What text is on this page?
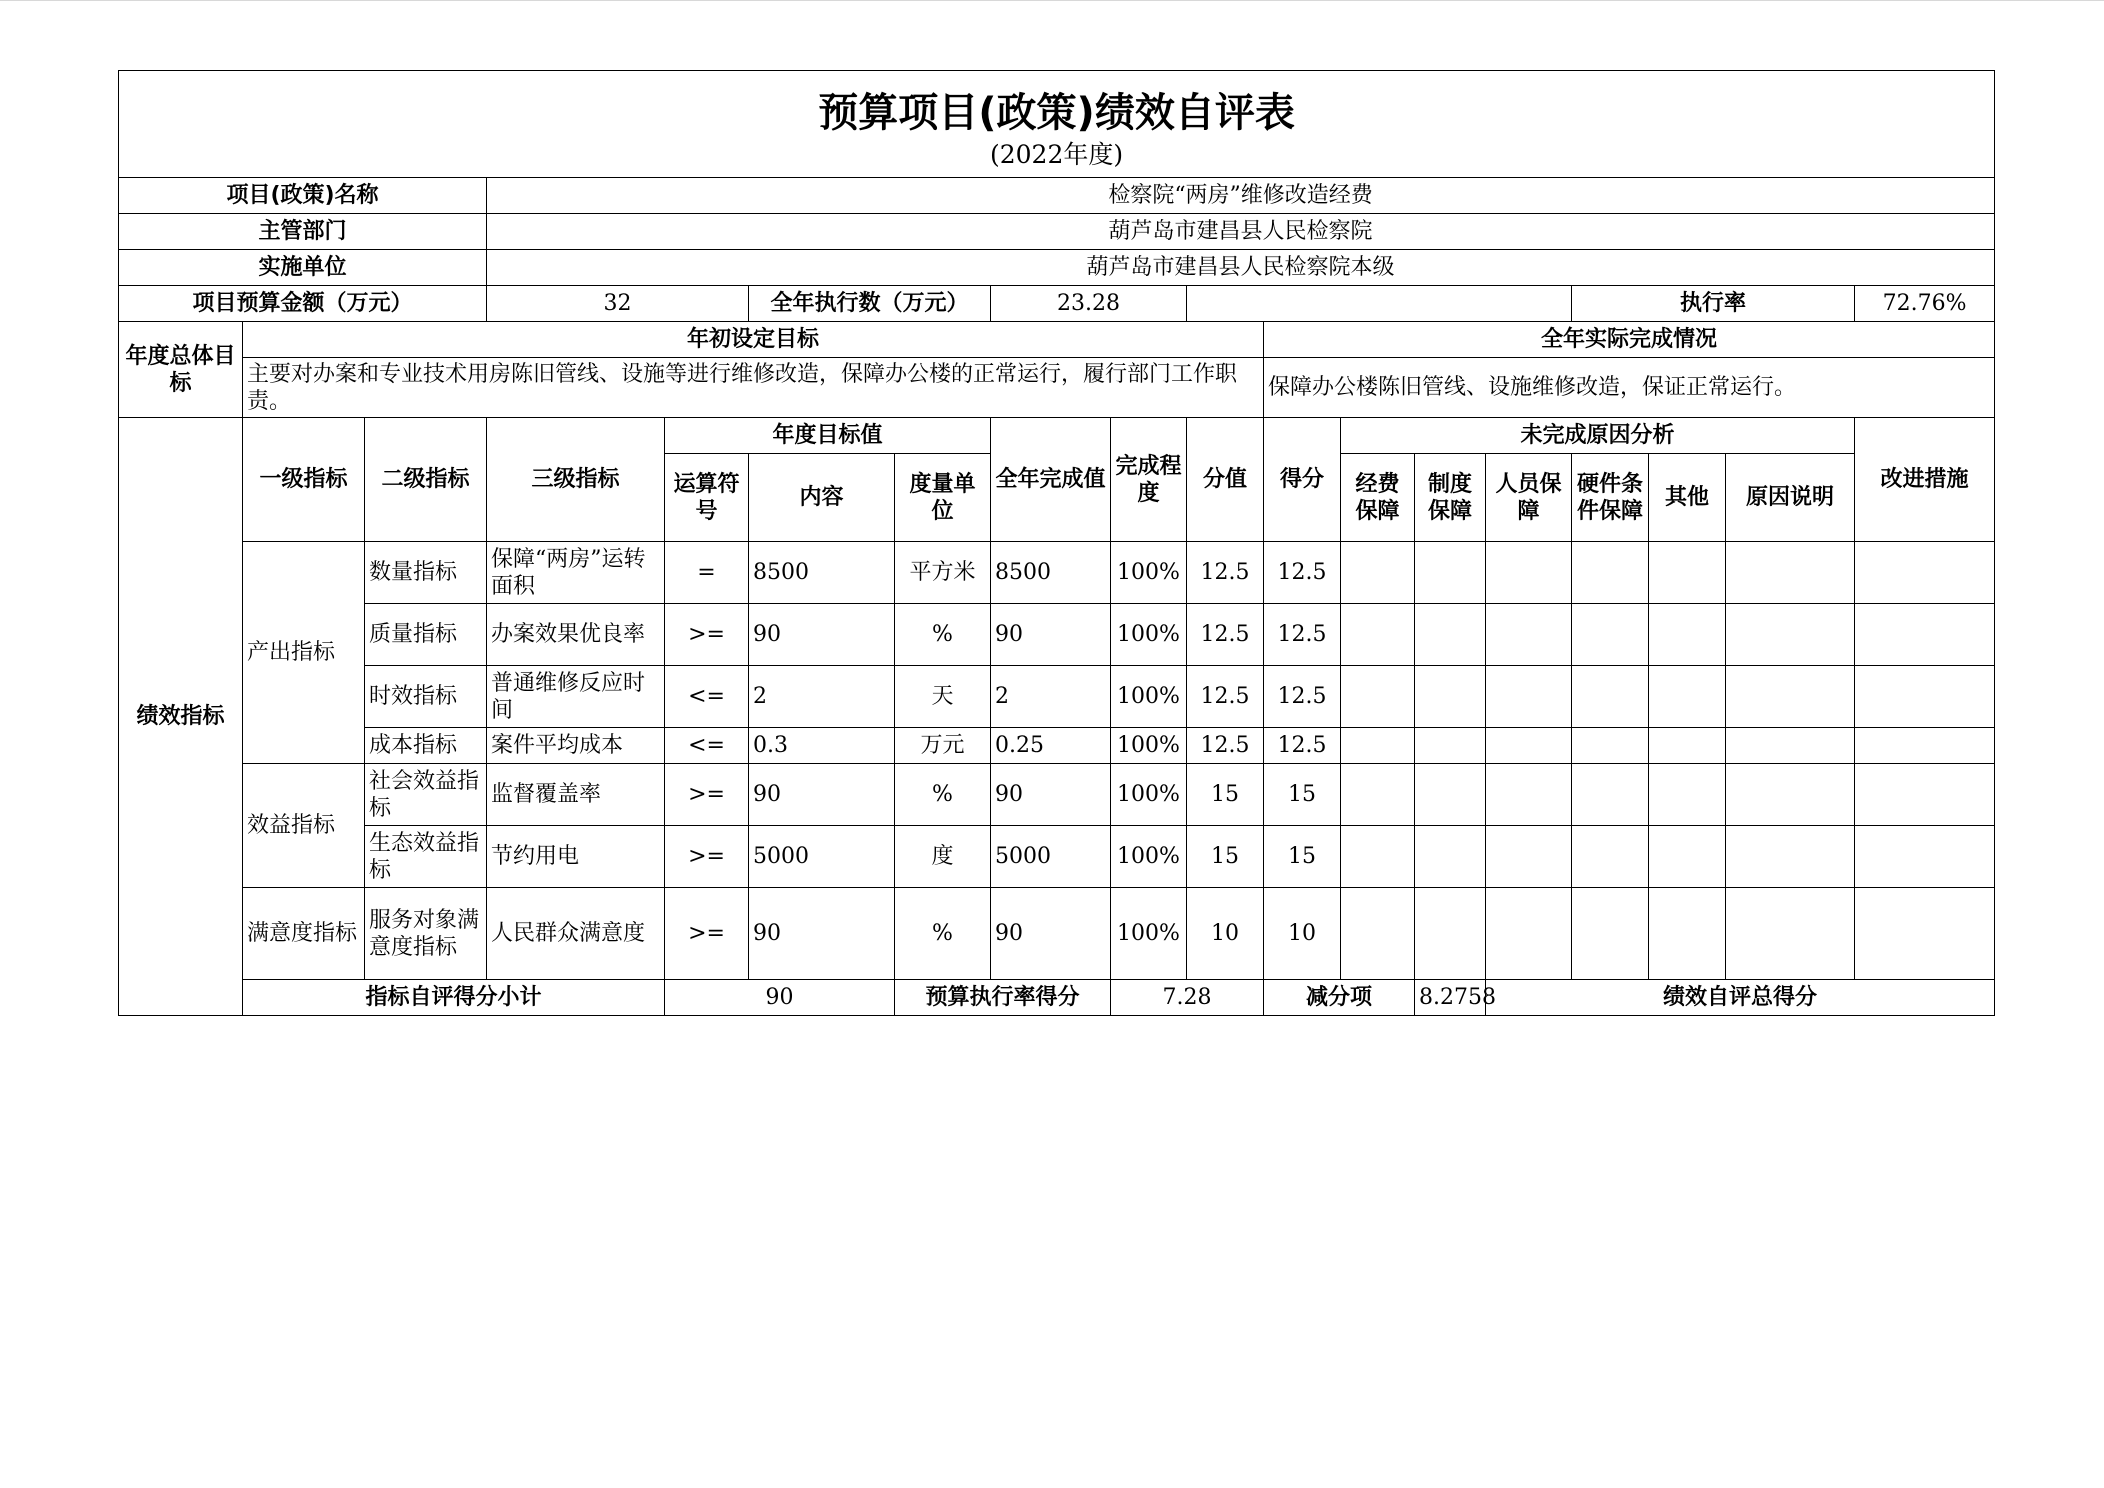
预算项目(政策)绩效自评表
(2022年度)																		

项目(政策)名称			检察院“两房”维修改造经费															
主管部门			葫芦岛市建昌县人民检察院															
实施单位			葫芦岛市建昌县人民检察院本级															
项目预算金额（万元）			32		全年执行数（万元）		23.28							执行率			72.76%	
年度总体目标	年初设定目标									全年实际完成情况								
	主要对办案和专业技术用房陈旧管线、设施等进行维修改造，保障办公楼的正常运行，履行部门工作职责。									保障办公楼陈旧管线、设施维修改造，保证正常运行。								
绩效指标	一级指标	二级指标	三级指标	年度目标值			全年完成值	完成程度	分值	得分	未完成原因分析						改进措施	
				运算符号	内容	度量单位					经费保障	制度保障	人员保障	硬件条件保障	其他	原因说明		
	产出指标	数量指标	保障“两房”运转面积	=	8500	平方米	8500	100%	12.5	12.5								
		质量指标	办案效果优良率	>=	90	%	90	100%	12.5	12.5								
		时效指标	普通维修反应时间	<=	2	天	2	100%	12.5	12.5								
		成本指标	案件平均成本	<=	0.3	万元	0.25	100%	12.5	12.5								
	效益指标	社会效益指标	监督覆盖率	>=	90	%	90	100%	15	15								
		生态效益指标	节约用电	>=	5000	度	5000	100%	15	15								
	满意度指标	服务对象满意度指标	人民群众满意度	>=	90	%	90	100%	10	10								
	指标自评得分小计			90		预算执行率得分		7.28		减分项		8.2758	绩效自评总得分	
